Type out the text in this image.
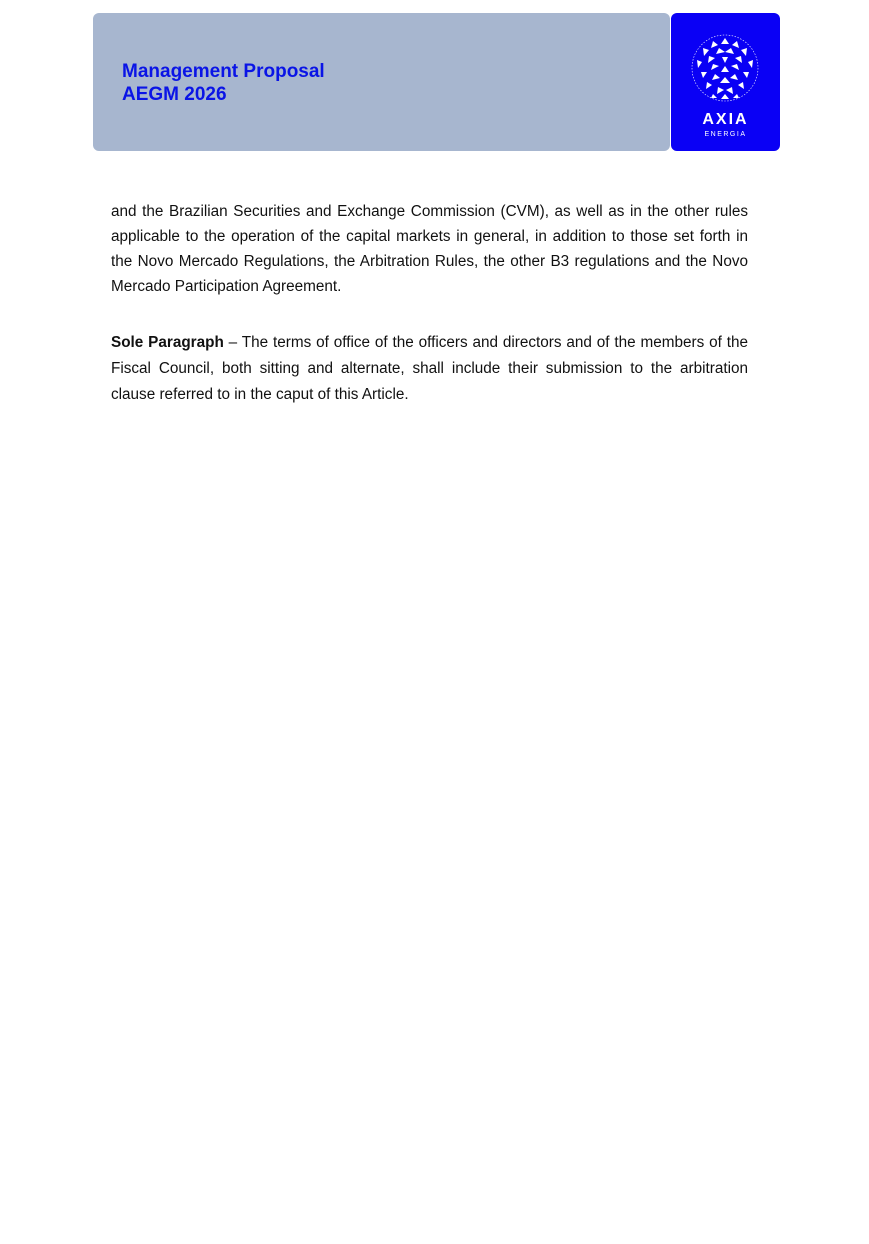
Management Proposal
AEGM 2026
AXIA
ENERGIA

and the Brazilian Securities and Exchange Commission (CVM), as well as in the other rules applicable to the operation of the capital markets in general, in addition to those set forth in the Novo Mercado Regulations, the Arbitration Rules, the other B3 regulations and the Novo Mercado Participation Agreement.

Sole Paragraph – The terms of office of the officers and directors and of the members of the Fiscal Council, both sitting and alternate, shall include their submission to the arbitration clause referred to in the caput of this Article.
